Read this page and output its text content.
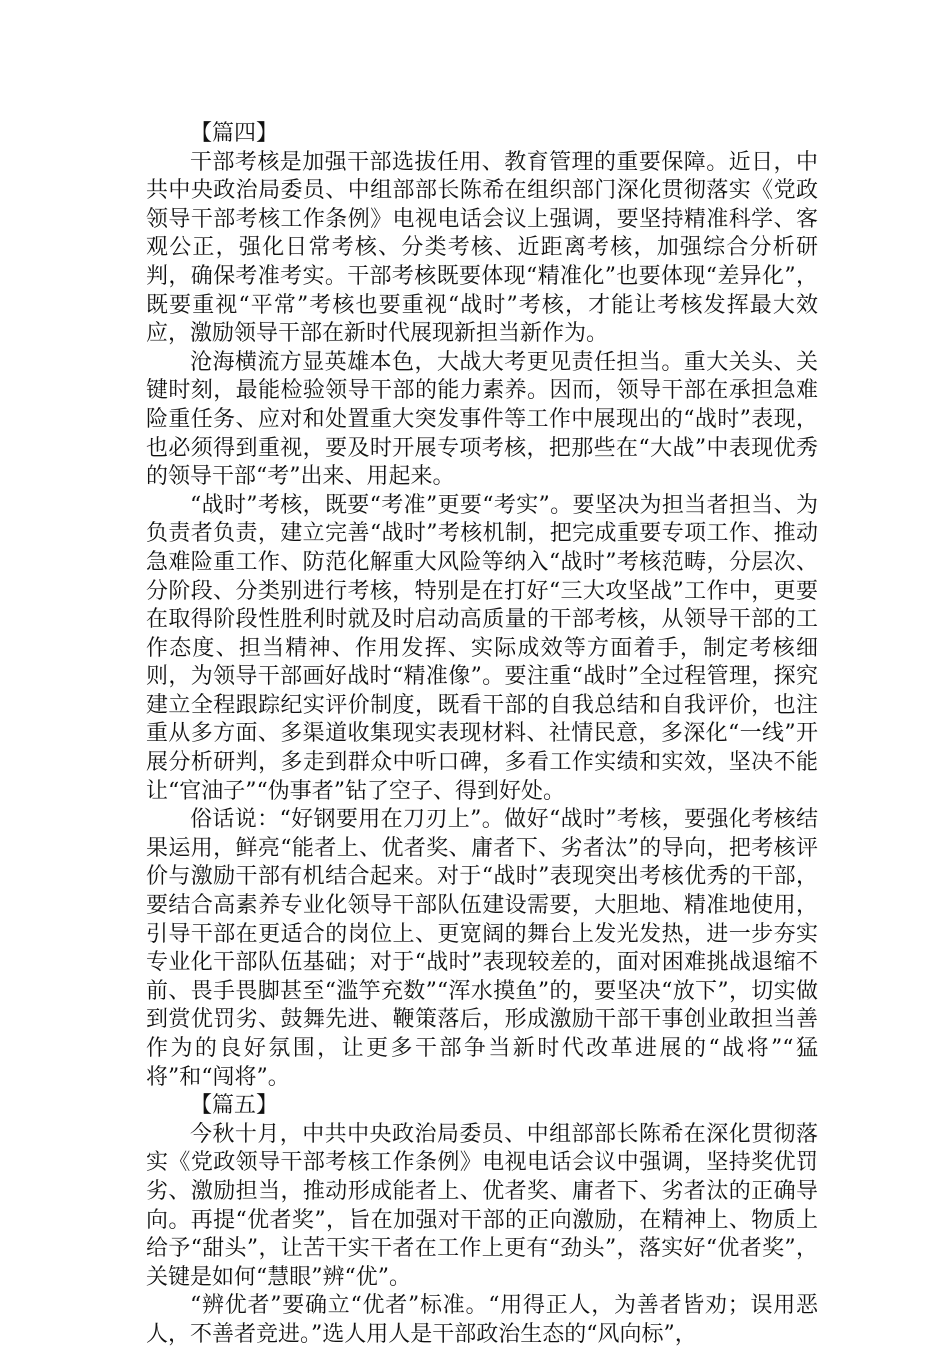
【篇四】

干部考核是加强干部选拔任用、教育管理的重要保障。近日，中共中央政治局委员、中组部部长陈希在组织部门深化贯彻落实《党政领导干部考核工作条例》电视电话会议上强调，要坚持精准科学、客观公正，强化日常考核、分类考核、近距离考核，加强综合分析研判，确保考准考实。干部考核既要体现“精准化”也要体现“差异化”，既要重视“平常”考核也要重视“战时”考核，才能让考核发挥最大效应，激励领导干部在新时代展现新担当新作为。

沧海横流方显英雄本色，大战大考更见责任担当。重大关头、关键时刻，最能检验领导干部的能力素养。因而，领导干部在承担急难险重任务、应对和处置重大突发事件等工作中展现出的“战时”表现，也必须得到重视，要及时开展专项考核，把那些在“大战”中表现优秀的领导干部“考”出来、用起来。

“战时”考核，既要“考准”更要“考实”。要坚决为担当者担当、为负责者负责，建立完善“战时”考核机制，把完成重要专项工作、推动急难险重工作、防范化解重大风险等纳入“战时”考核范畴，分层次、分阶段、分类别进行考核，特别是在打好“三大攻坚战”工作中，更要在取得阶段性胜利时就及时启动高质量的干部考核，从领导干部的工作态度、担当精神、作用发挥、实际成效等方面着手，制定考核细则，为领导干部画好战时“精准像”。要注重“战时”全过程管理，探究建立全程跟踪纪实评价制度，既看干部的自我总结和自我评价，也注重从多方面、多渠道收集现实表现材料、社情民意，多深化“一线”开展分析研判，多走到群众中听口碑，多看工作实绩和实效，坚决不能让“官油子”“伪事者”钻了空子、得到好处。

俗话说：“好钢要用在刀刃上”。做好“战时”考核，要强化考核结果运用，鲜亮“能者上、优者奖、庸者下、劣者汰”的导向，把考核评价与激励干部有机结合起来。对于“战时”表现突出考核优秀的干部，要结合高素养专业化领导干部队伍建设需要，大胆地、精准地使用，引导干部在更适合的岗位上、更宽阔的舞台上发光发热，进一步夯实专业化干部队伍基础；对于“战时”表现较差的，面对困难挑战退缩不前、畏手畏脚甚至“滥竽充数”“浑水摸鱼”的，要坚决“放下”，切实做到赏优罚劣、鼓舞先进、鞭策落后，形成激励干部干事创业敢担当善作为的良好氛围，让更多干部争当新时代改革进展的“战将”“猛将”和“闯将”。

【篇五】

今秋十月，中共中央政治局委员、中组部部长陈希在深化贯彻落实《党政领导干部考核工作条例》电视电话会议中强调，坚持奖优罚劣、激励担当，推动形成能者上、优者奖、庸者下、劣者汰的正确导向。再提“优者奖”，旨在加强对干部的正向激励，在精神上、物质上给予“甜头”，让苦干实干者在工作上更有“劲头”，落实好“优者奖”，关键是如何“慧眼”辨“优”。

“辨优者”要确立“优者”标准。“用得正人，为善者皆劝；误用恶人，不善者竞进。”选人用人是干部政治生态的“风向标”，
